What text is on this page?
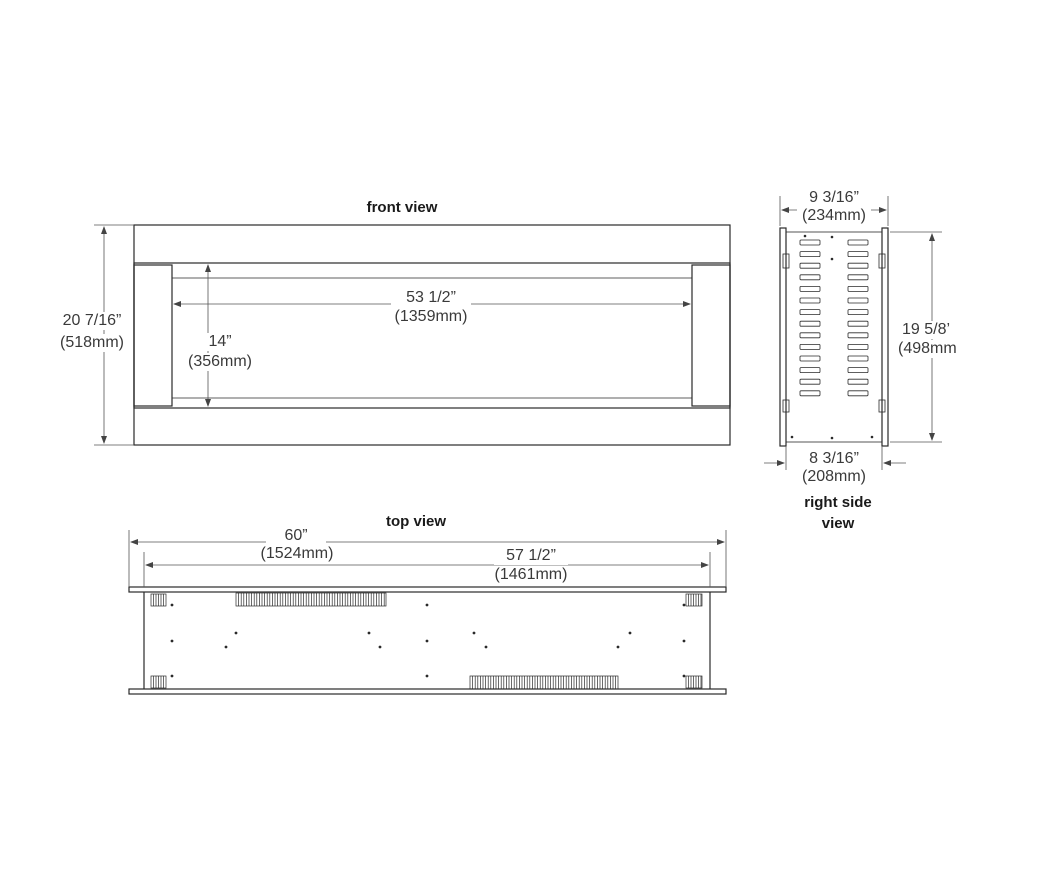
front view
20 7/16”
(518mm)	14”
(356mm)
53 1/2”
(1359mm)
9 3/16”
(234mm)
19 5/8’
(498mm
8 3/16”
(208mm)
right side
view
top view
60”
(1524mm)	57 1/2”
(1461mm)
